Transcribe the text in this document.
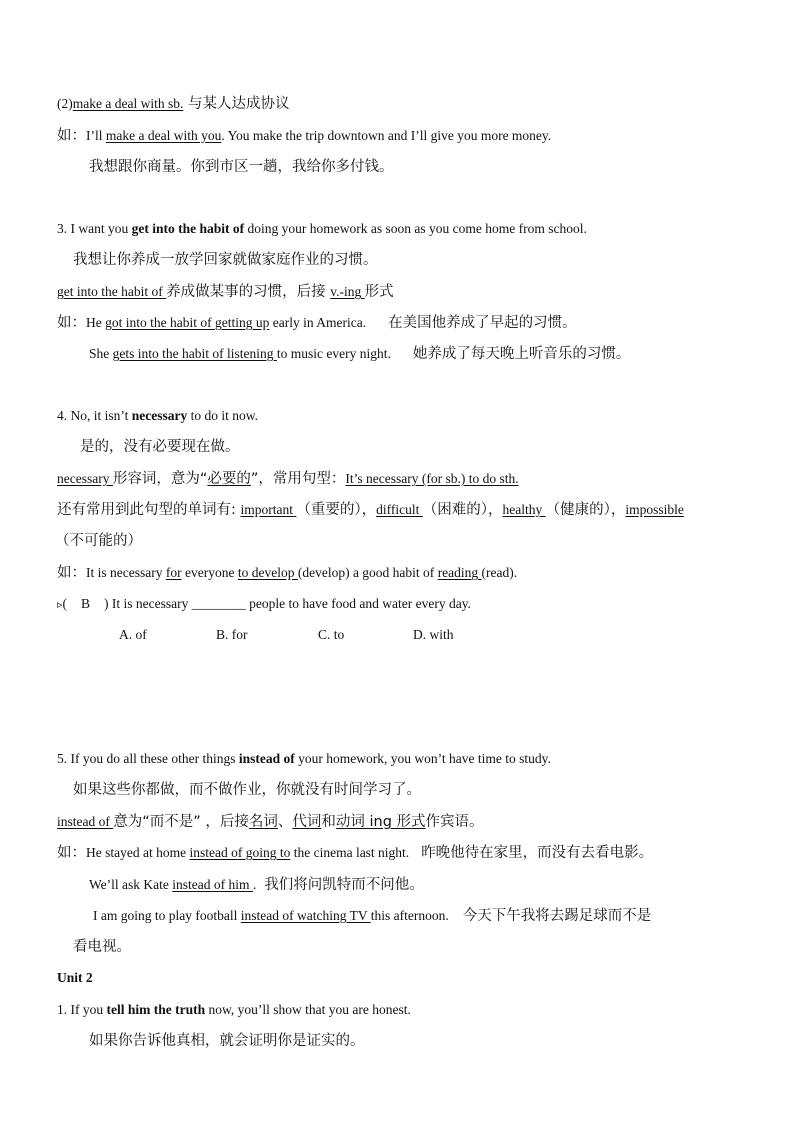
(2)make a deal with sb. 与某人达成协议
如：I’ll make a deal with you. You make the trip downtown and I’ll give you more money.
我想跟你商量。你到市区一趟，我给你多付钱。
3. I want you get into the habit of doing your homework as soon as you come home from school.
我想让你养成一放学回家就做家庭作业的习惯。
get into the habit of 养成做某事的习惯，后接 v.-ing 形式
如：He got into the habit of getting up early in America. 在美国他养成了早起的习惯。
She gets into the habit of listening to music every night. 她养成了每天晚上听音乐的习惯。
4. No, it isn’t necessary to do it now.
是的，没有必要现在做。
necessary 形容词，意为“必要的”，常用句型：It’s necessary (for sb.) to do sth.
还有常用到此句型的单词有: important （重要的），difficult （困难的），healthy （健康的），impossible
（不可能的）
如：It is necessary for everyone to develop (develop) a good habit of reading (read).
▹( B ) It is necessary ________ people to have food and water every day.
A. of	B. for	C. to	D. with
5. If you do all these other things instead of your homework, you won’t have time to study.
如果这些你都做，而不做作业，你就没有时间学习了。
instead of 意为“而不是” ，后接名词、代词和动词 ing 形式作宾语。
如：He stayed at home instead of going to the cinema last night. 昨晚他待在家里，而没有去看电影。
We’ll ask Kate instead of him . 我们将问凯特而不问他。
I am going to play football instead of watching TV this afternoon. 今天下午我将去踢足球而不是
看电视。
Unit 2
1. If you tell him the truth now, you’ll show that you are honest.
如果你告诉他真相，就会证明你是证实的。
